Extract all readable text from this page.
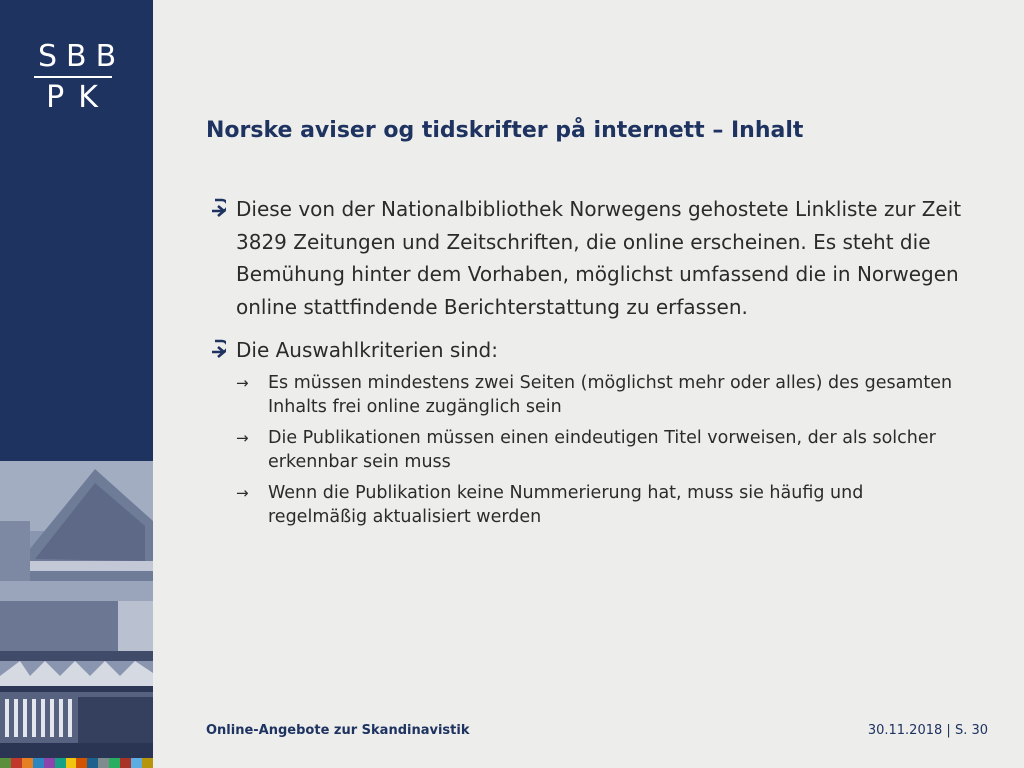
SBB
PK
Norske aviser og tidskrifter på internett – Inhalt
Diese von der Nationalbibliothek Norwegens gehostete Linkliste zur Zeit 3829 Zeitungen und Zeitschriften, die online erscheinen. Es steht die Bemühung hinter dem Vorhaben, möglichst umfassend die in Norwegen online stattfindende Berichterstattung zu erfassen.
Die Auswahlkriterien sind:
→ Es müssen mindestens zwei Seiten (möglichst mehr oder alles) des gesamten Inhalts frei online zugänglich sein
→ Die Publikationen müssen einen eindeutigen Titel vorweisen, der als solcher erkennbar sein muss
→ Wenn die Publikation keine Nummerierung hat, muss sie häufig und regelmäßig aktualisiert werden
Online-Angebote zur Skandinavistik	30.11.2018 | S. 30
